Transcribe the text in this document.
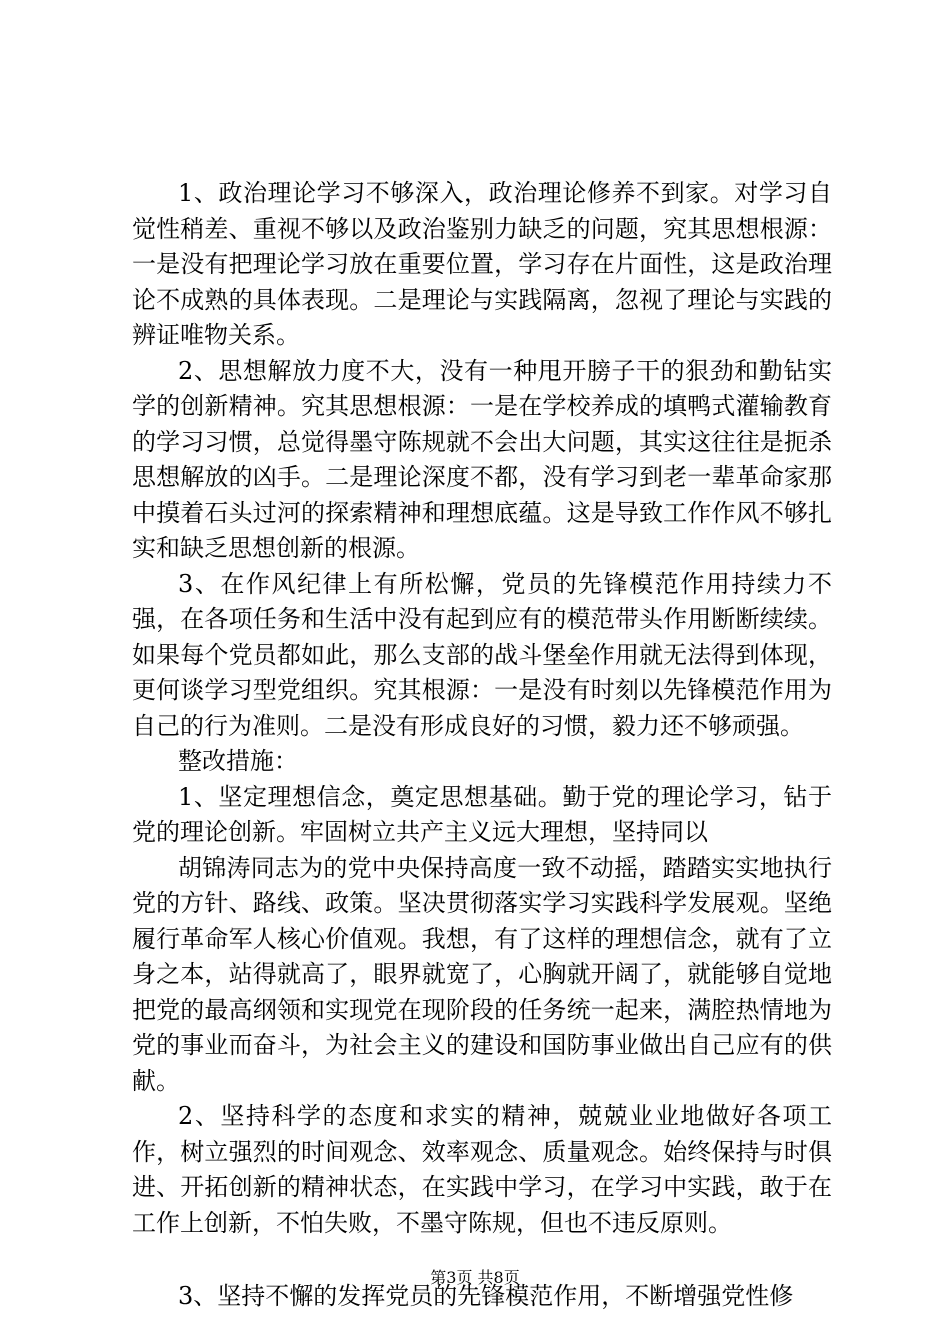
1、政治理论学习不够深入，政治理论修养不到家。对学习自觉性稍差、重视不够以及政治鉴别力缺乏的问题，究其思想根源：一是没有把理论学习放在重要位置，学习存在片面性，这是政治理论不成熟的具体表现。二是理论与实践隔离，忽视了理论与实践的辨证唯物关系。

2、思想解放力度不大，没有一种甩开膀子干的狠劲和勤钻实学的创新精神。究其思想根源：一是在学校养成的填鸭式灌输教育的学习习惯，总觉得墨守陈规就不会出大问题，其实这往往是扼杀思想解放的凶手。二是理论深度不都，没有学习到老一辈革命家那中摸着石头过河的探索精神和理想底蕴。这是导致工作作风不够扎实和缺乏思想创新的根源。

3、在作风纪律上有所松懈，党员的先锋模范作用持续力不强，在各项任务和生活中没有起到应有的模范带头作用断断续续。如果每个党员都如此，那么支部的战斗堡垒作用就无法得到体现，更何谈学习型党组织。究其根源：一是没有时刻以先锋模范作用为自己的行为准则。二是没有形成良好的习惯，毅力还不够顽强。

整改措施：

1、坚定理想信念，奠定思想基础。勤于党的理论学习，钻于党的理论创新。牢固树立共产主义远大理想，坚持同以

胡锦涛同志为的党中央保持高度一致不动摇，踏踏实实地执行党的方针、路线、政策。坚决贯彻落实学习实践科学发展观。坚绝履行革命军人核心价值观。我想，有了这样的理想信念，就有了立身之本，站得就高了，眼界就宽了，心胸就开阔了，就能够自觉地把党的最高纲领和实现党在现阶段的任务统一起来，满腔热情地为党的事业而奋斗，为社会主义的建设和国防事业做出自己应有的供献。

2、坚持科学的态度和求实的精神，兢兢业业地做好各项工作，树立强烈的时间观念、效率观念、质量观念。始终保持与时俱进、开拓创新的精神状态，在实践中学习，在学习中实践，敢于在工作上创新，不怕失败，不墨守陈规，但也不违反原则。

3、坚持不懈的发挥党员的先锋模范作用，不断增强党性修

第3页 共8页
